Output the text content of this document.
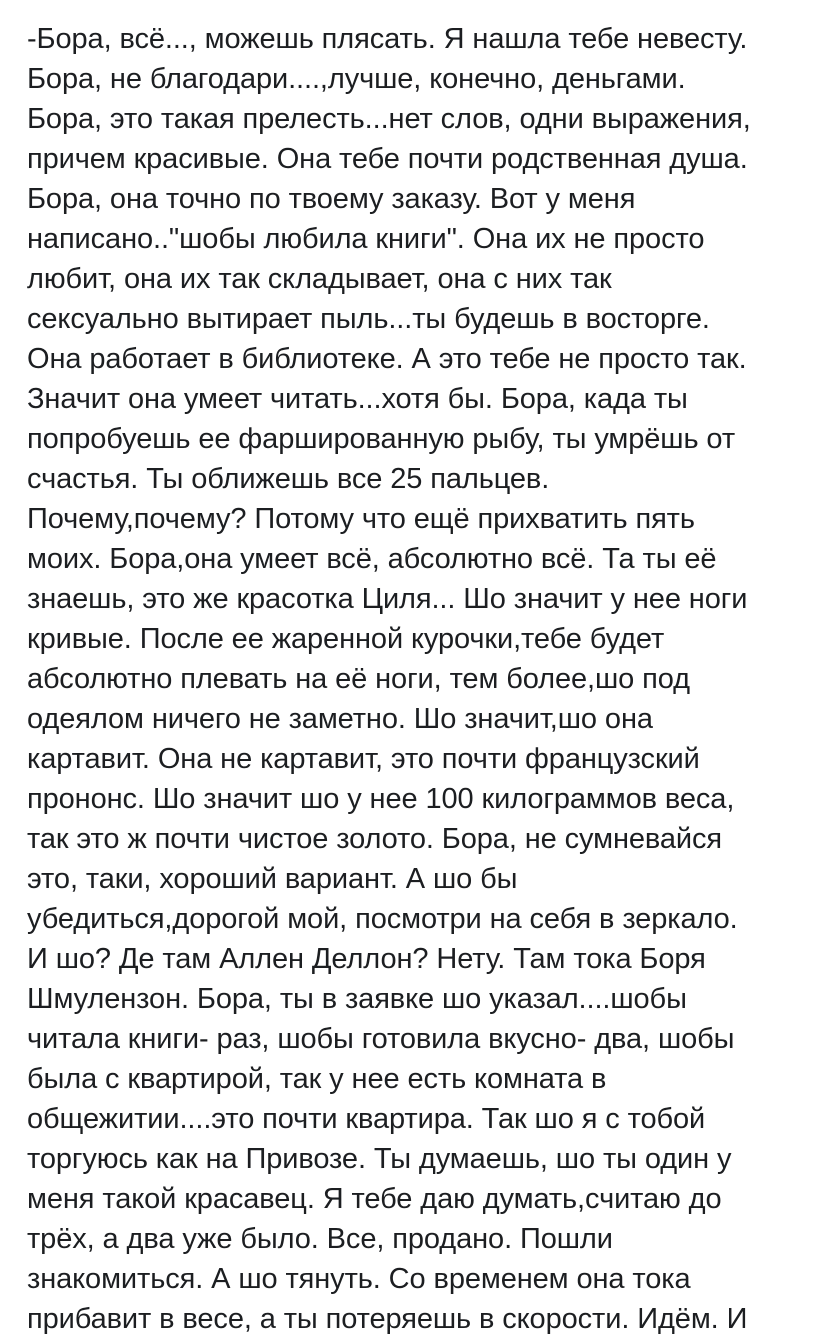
-Бора, всё..., можешь плясать. Я нашла тебе невесту.
Бора, не благодари....,лучше, конечно, деньгами.
Бора, это такая прелесть...нет слов, одни выражения,
причем красивые. Она тебе почти родственная душа.
Бора, она точно по твоему заказу. Вот у меня
написано.."шобы любила книги". Она их не просто
любит, она их так складывает, она с них так
сексуально вытирает пыль...ты будешь в восторге.
Она работает в библиотеке. А это тебе не просто так.
Значит она умеет читать...хотя бы. Бора, када ты
попробуешь ее фаршированную рыбу, ты умрёшь от
счастья. Ты оближешь все 25 пальцев.
Почему,почему? Потому что ещё прихватить пять
моих. Бора,она умеет всё, абсолютно всё. Та ты её
знаешь, это же красотка Циля... Шо значит у нее ноги
кривые. После ее жаренной курочки,тебе будет
абсолютно плевать на её ноги, тем более,шо под
одеялом ничего не заметно. Шо значит,шо она
картавит. Она не картавит, это почти французский
прононс. Шо значит шо у нее 100 килограммов веса,
так это ж почти чистое золото. Бора, не сумневайся
это, таки, хороший вариант. А шо бы
убедиться,дорогой мой, посмотри на себя в зеркало.
И шо? Де там Аллен Деллон? Нету. Там тока Боря
Шмулензон. Бора, ты в заявке шо указал....шобы
читала книги- раз, шобы готовила вкусно- два, шобы
была с квартирой, так у нее есть комната в
общежитии....это почти квартира. Так шо я с тобой
торгуюсь как на Привозе. Ты думаешь, шо ты один у
меня такой красавец. Я тебе даю думать,считаю до
трёх, а два уже было. Все, продано. Пошли
знакомиться. А шо тянуть. Со временем она тока
прибавит в весе, а ты потеряешь в скорости. Идём. И
